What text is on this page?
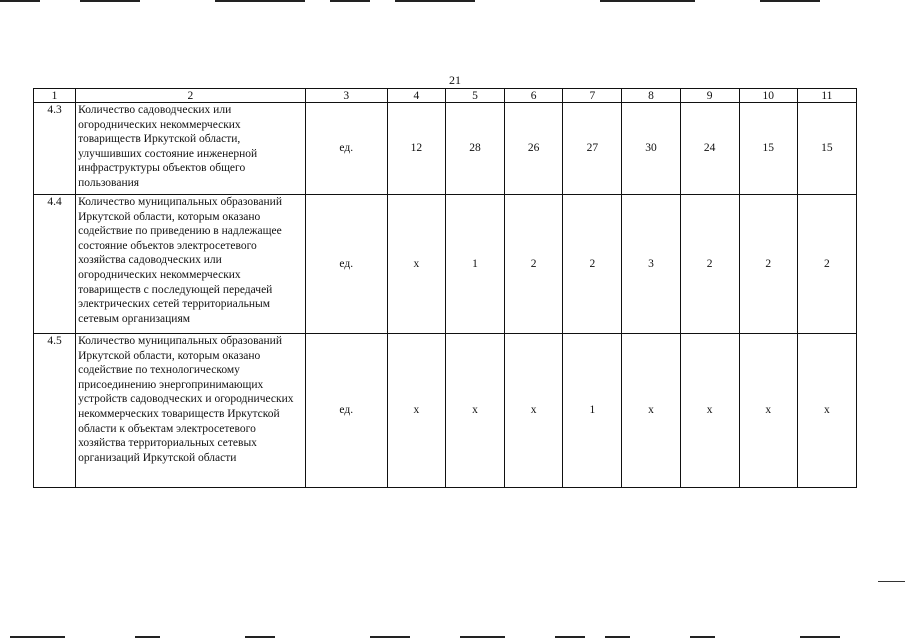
21
1	2	3	4	5	6	7	8	9	10	11
4.3	Количество садоводческих или огороднических некоммерческих товариществ Иркутской области, улучшивших состояние инженерной инфраструктуры объектов общего пользования	ед.	12	28	26	27	30	24	15	15
4.4	Количество муниципальных образований Иркутской области, которым оказано содействие по приведению в надлежащее состояние объектов электросетевого хозяйства садоводческих или огороднических некоммерческих товариществ с последующей передачей электрических сетей территориальным сетевым организациям	ед.	х	1	2	2	3	2	2	2
4.5	Количество муниципальных образований Иркутской области, которым оказано содействие по технологическому присоединению энергопринимающих устройств садоводческих и огороднических некоммерческих товариществ Иркутской области к объектам электросетевого хозяйства территориальных сетевых организаций Иркутской области	ед.	х	х	х	1	х	х	х	х
